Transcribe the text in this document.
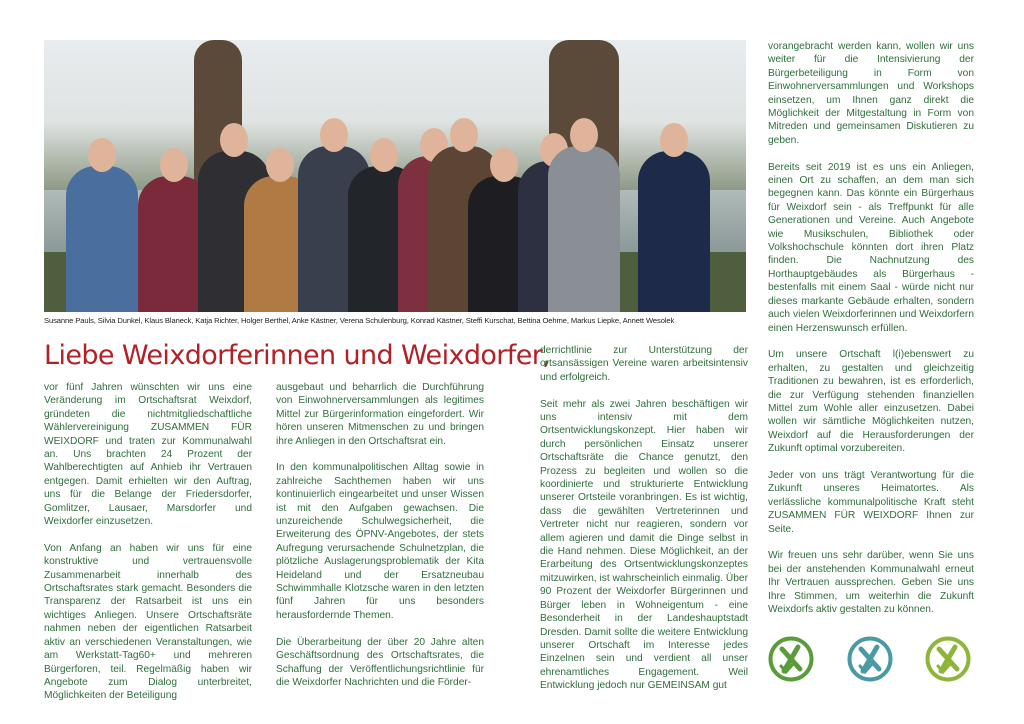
Susanne Pauls, Silvia Dunkel, Klaus Blaneck, Katja Richter, Holger Berthel, Anke Kästner, Verena Schulenburg, Konrad Kästner, Steffi Kurschat, Bettina Oehme, Markus Liepke, Annett Wesolek
Liebe Weixdorferinnen und Weixdorfer,

vor fünf Jahren wünschten wir uns eine Veränderung im Ortschaftsrat Weixdorf, gründeten die nichtmitgliedschaftliche Wählervereinigung ZUSAMMEN FÜR WEIXDORF und traten zur Kommunalwahl an. Uns brachten 24 Prozent der Wahlberechtigten auf Anhieb ihr Vertrauen entgegen. Damit erhielten wir den Auftrag, uns für die Belange der Friedersdorfer, Gomlitzer, Lausaer, Marsdorfer und Weixdorfer einzusetzen.

Von Anfang an haben wir uns für eine konstruktive und vertrauensvolle Zusammenarbeit innerhalb des Ortschaftsrates stark gemacht. Besonders die Transparenz der Ratsarbeit ist uns ein wichtiges Anliegen. Unsere Ortschaftsräte nahmen neben der eigentlichen Ratsarbeit aktiv an verschiedenen Veranstaltungen, wie am Werkstatt-Tag60+ und mehreren Bürgerforen, teil. Regelmäßig haben wir Angebote zum Dialog unterbreitet, Möglichkeiten der Beteiligung

ausgebaut und beharrlich die Durchführung von Einwohnerversammlungen als legitimes Mittel zur Bürgerinformation eingefordert. Wir hören unseren Mitmenschen zu und bringen ihre Anliegen in den Ortschaftsrat ein.

In den kommunalpolitischen Alltag sowie in zahlreiche Sachthemen haben wir uns kontinuierlich eingearbeitet und unser Wissen ist mit den Aufgaben gewachsen. Die unzureichende Schulwegsicherheit, die Erweiterung des ÖPNV-Angebotes, der stets Aufregung verursachende Schulnetzplan, die plötzliche Auslagerungsproblematik der Kita Heideland und der Ersatzneubau Schwimmhalle Klotzsche waren in den letzten fünf Jahren für uns besonders herausfordernde Themen.

Die Überarbeitung der über 20 Jahre alten Geschäftsordnung des Ortschaftsrates, die Schaffung der Veröffentlichungsrichtlinie für die Weixdorfer Nachrichten und die Förder-

derrichtlinie zur Unterstützung der ortsansässigen Vereine waren arbeitsintensiv und erfolgreich.

Seit mehr als zwei Jahren beschäftigen wir uns intensiv mit dem Ortsentwicklungskonzept. Hier haben wir durch persönlichen Einsatz unserer Ortschaftsräte die Chance genutzt, den Prozess zu begleiten und wollen so die koordinierte und strukturierte Entwicklung unserer Ortsteile voranbringen. Es ist wichtig, dass die gewählten Vertreterinnen und Vertreter nicht nur reagieren, sondern vor allem agieren und damit die Dinge selbst in die Hand nehmen. Diese Möglichkeit, an der Erarbeitung des Ortsentwicklungskonzeptes mitzuwirken, ist wahrscheinlich einmalig. Über 90 Prozent der Weixdorfer Bürgerinnen und Bürger leben in Wohneigentum - eine Besonderheit in der Landeshauptstadt Dresden. Damit sollte die weitere Entwicklung unserer Ortschaft im Interesse jedes Einzelnen sein und verdient all unser ehrenamtliches Engagement. Weil Entwicklung jedoch nur GEMEINSAM gut

vorangebracht werden kann, wollen wir uns weiter für die Intensivierung der Bürgerbeteiligung in Form von Einwohnerversammlungen und Workshops einsetzen, um Ihnen ganz direkt die Möglichkeit der Mitgestaltung in Form von Mitreden und gemeinsamen Diskutieren zu geben.

Bereits seit 2019 ist es uns ein Anliegen, einen Ort zu schaffen, an dem man sich begegnen kann. Das könnte ein Bürgerhaus für Weixdorf sein - als Treffpunkt für alle Generationen und Vereine. Auch Angebote wie Musikschulen, Bibliothek oder Volkshochschule könnten dort ihren Platz finden. Die Nachnutzung des Horthauptgebäudes als Bürgerhaus - bestenfalls mit einem Saal - würde nicht nur dieses markante Gebäude erhalten, sondern auch vielen Weixdorferinnen und Weixdorfern einen Herzenswunsch erfüllen.

Um unsere Ortschaft l(i)ebenswert zu erhalten, zu gestalten und gleichzeitig Traditionen zu bewahren, ist es erforderlich, die zur Verfügung stehenden finanziellen Mittel zum Wohle aller einzusetzen. Dabei wollen wir sämtliche Möglichkeiten nutzen, Weixdorf auf die Herausforderungen der Zukunft optimal vorzubereiten.

Jeder von uns trägt Verantwortung für die Zukunft unseres Heimatortes. Als verlässliche kommunalpolitische Kraft steht ZUSAMMEN FÜR WEIXDORF Ihnen zur Seite.

Wir freuen uns sehr darüber, wenn Sie uns bei der anstehenden Kommunalwahl erneut Ihr Vertrauen aussprechen. Geben Sie uns Ihre Stimmen, um weiterhin die Zukunft Weixdorfs aktiv gestalten zu können.
